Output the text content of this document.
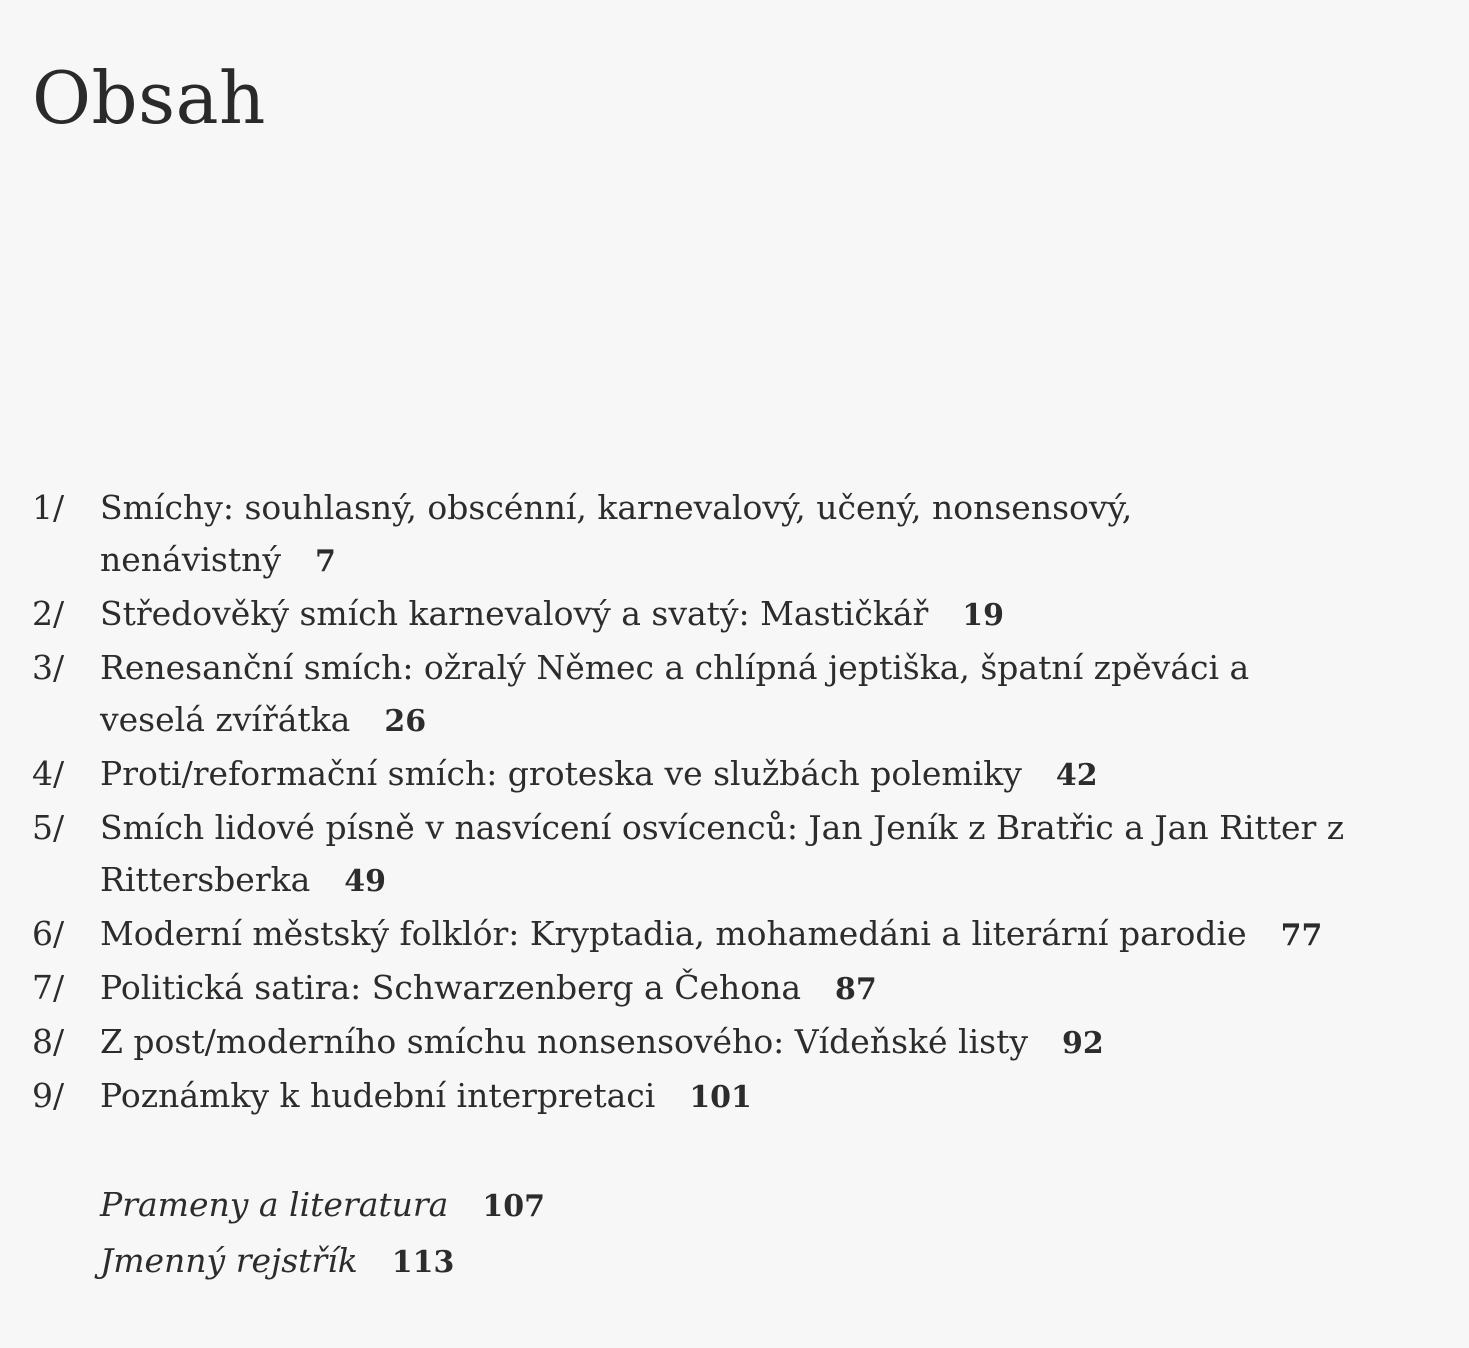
Obsah
1/	Smíchy: souhlasný, obscénní, karnevalový, učený, nonsensový, nenávistný 7
2/	Středověký smích karnevalový a svatý: Mastičkář 19
3/	Renesanční smích: ožralý Němec a chlípná jeptiška, špatní zpěváci a veselá zvířátka 26
4/	Proti/reformační smích: groteska ve službách polemiky 42
5/	Smích lidové písně v nasvícení osvícenců: Jan Jeník z Bratřic a Jan Ritter z Rittersberka 49
6/	Moderní městský folklór: Kryptadia, mohamedáni a literární parodie 77
7/	Politická satira: Schwarzenberg a Čehona 87
8/	Z post/moderního smíchu nonsensového: Vídeňské listy 92
9/	Poznámky k hudební interpretaci 101
Prameny a literatura 107
Jmenný rejstřík 113
